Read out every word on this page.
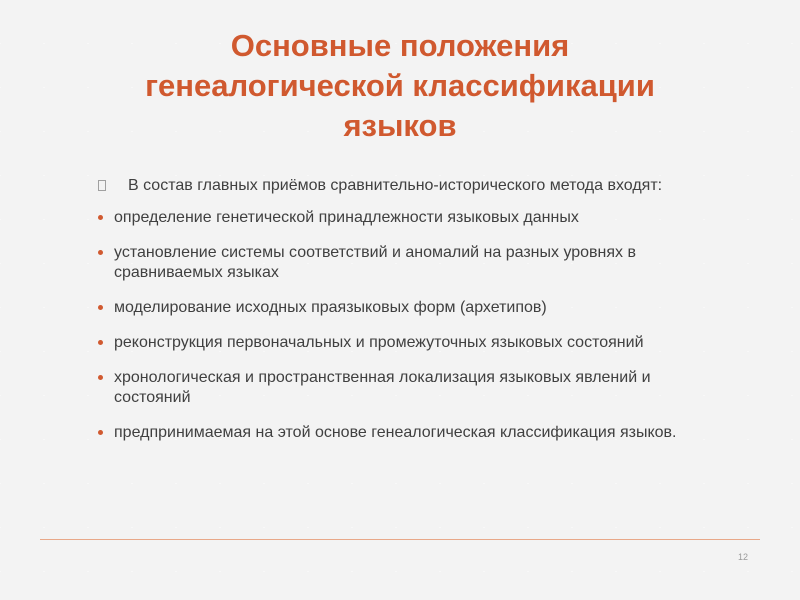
Основные положения
генеалогической классификации
языков

В состав главных приёмов сравнительно-исторического метода входят:

определение генетической принадлежности языковых данных
установление системы соответствий и аномалий на разных уровнях в сравниваемых языках
моделирование исходных праязыковых форм (архетипов)
реконструкция первоначальных и промежуточных языковых состояний
хронологическая и пространственная локализация языковых явлений и состояний
предпринимаемая на этой основе генеалогическая классификация языков.
12
